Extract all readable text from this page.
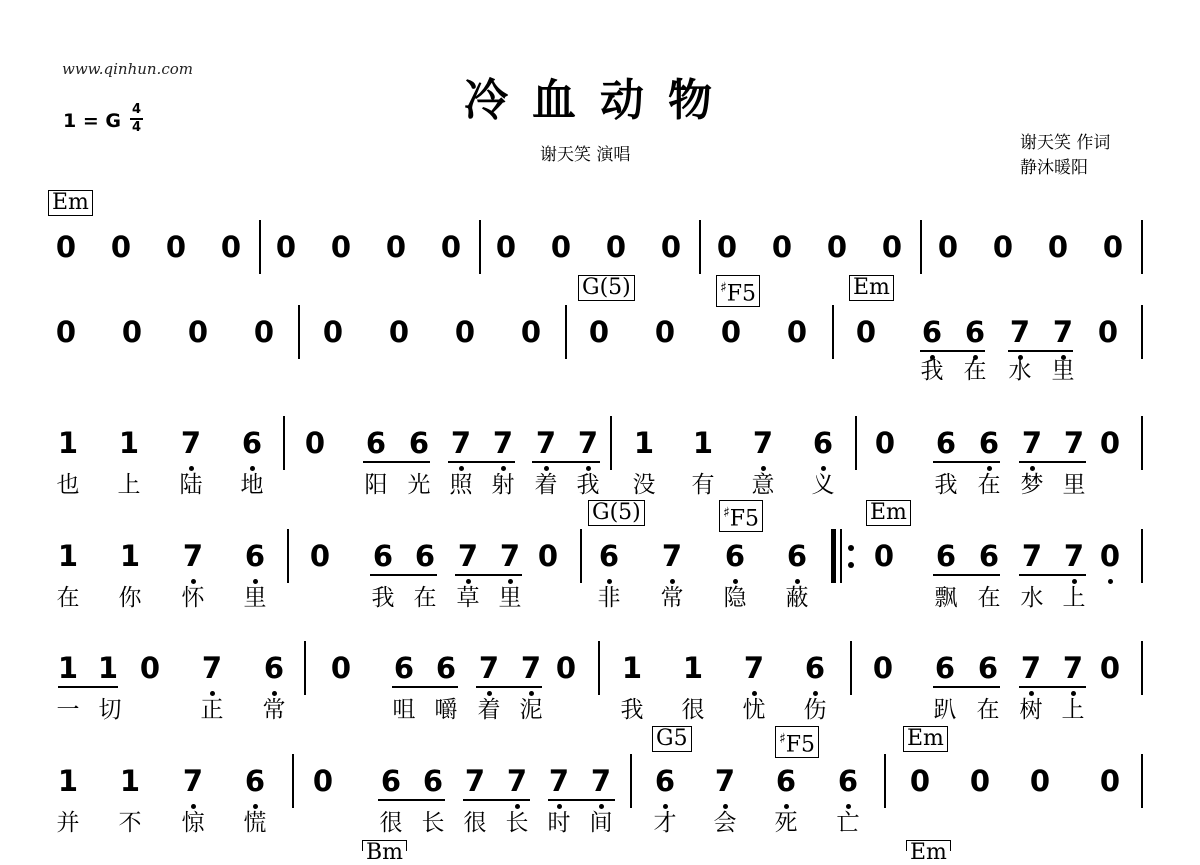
www.qinhun.com
冷血动物
1 = G
4
4
谢天笑 演唱
谢天笑 作词
静沐暖阳
0 0 0 0 0 0 0 0 0 0 0 0 0 0 0 0 0 0 0 0
0 0 0 0 0 0 0 0 0 0 0 0 0 6 6 7 7 0
1 1 7 6 0 6 6 7 7 7 7 1 1 7 6 0 6 6 7 7 0
1 1 7 6 0 6 6 7 7 0 6 7 6 6 0 6 6 7 7 0
1 1 0 7 6 0 6 6 7 7 0 1 1 7 6 0 6 6 7 7 0
1 1 7 6 0 6 6 7 7 7 7 6 7 6 6 0 0 0 0
我 在 水 里
也 上 陆 地	阳 光 照 射 着 我 没 有 意 义	我 在 梦 里
在 你 怀 里	我 在 草 里	非 常 隐 蔽	飘 在 水 上
一 切	正 常	咀 嚼 着 泥	我 很 忧 伤	趴 在 树 上
并 不 惊 慌	很 长 很 长 时 间 才 会 死 亡
Em
G(5)	♯F5	Em
G(5)	♯F5	Em
G5	♯F5	Em
Bm	Em
